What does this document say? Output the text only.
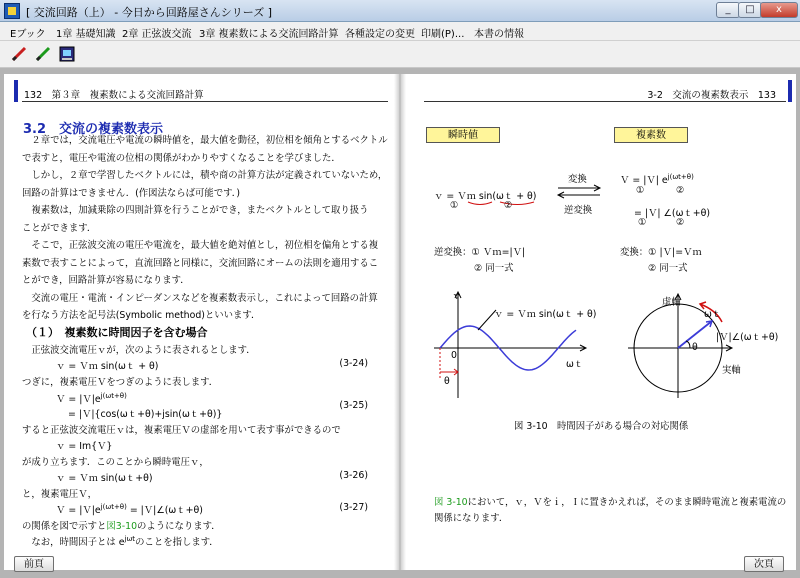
[ 交流回路（上） - 今日から回路屋さんシリーズ ]	_	□	x
Eブック 1章 基礎知識 2章 正弦波交流 3章 複素数による交流回路計算 各種設定の変更 印刷(P)... 本書の情報
132　第３章　複素数による交流回路計算
3.2　交流の複素数表示
　２章では，交流電圧や電流の瞬時値を，最大値を動径，初位相を傾角とするベクトル
で表すと，電圧や電流の位相の関係がわかりやすくなることを学びました．
　しかし，２章で学習したベクトルには，積や商の計算方法が定義されていないため，
回路の計算はできません．(作図法ならば可能です．)
　複素数は，加減乗除の四則計算を行うことができ，またベクトルとして取り扱う
ことができます．
　そこで，正弦波交流の電圧や電流を，最大値を絶対値とし，初位相を偏角とする複
素数で表すことによって，直流回路と同様に，交流回路にオームの法則を適用するこ
とができ，回路計算が容易になります．
　交流の電圧・電流・インピーダンスなどを複素数表示し，これによって回路の計算
を行なう方法を記号法(Symbolic method)といいます．
（１）　複素数に時間因子を含む場合
　正弦波交流電圧ｖが，次のように表されるとします．
ｖ = Ｖｍ sin(ωｔ + θ)	(3-24)
つぎに，複素電圧Ｖをつぎのように表します．
Ｖ = $|V|e^{j(\omega t+\theta)}$
= |Ｖ|{cos(ωｔ+θ)+jsin(ωｔ+θ)}
(3-25)
すると正弦波交流電圧ｖは，複素電圧Ｖの虚部を用いて表す事ができるので
ｖ = Im{Ｖ}
が成り立ちます．このことから瞬時電圧ｖ，
ｖ = Ｖｍ sin(ωｔ+θ)	(3-26)
と，複素電圧Ｖ，
Ｖ = $|V|e^{j(\omega t+\theta)}$ = |Ｖ|∠(ωｔ+θ)	(3-27)
の関係を図で示すと図3-10のようになります．
　なお，時間因子とは $e^{j\omega t}$のことを指します．
前頁
3-2　交流の複素数表示　133
瞬時値	複素数
ｖ = Ｖｍ sin(ωｔ + θ)
①	②
変換
逆変換
Ｖ = |Ｖ| $e^{j(\omega t+\theta)}$
①	②
= |Ｖ| ∠(ωｔ+θ)
①	②
逆変換：① Ｖｍ=|Ｖ|
② 同一式
変換：① |Ｖ|=Ｖｍ
② 同一式
ｖ
ｖ = Ｖｍ sin(ωｔ + θ)
0
ωｔ
θ
虚軸
ωｔ
|Ｖ|∠(ωｔ+θ)
θ
実軸
図 3-10　時間因子がある場合の対応関係
図 3-10において，ｖ，Ｖをｉ，Ｉに置きかえれば，そのまま瞬時電流と複素電流の
関係になります．
次頁
